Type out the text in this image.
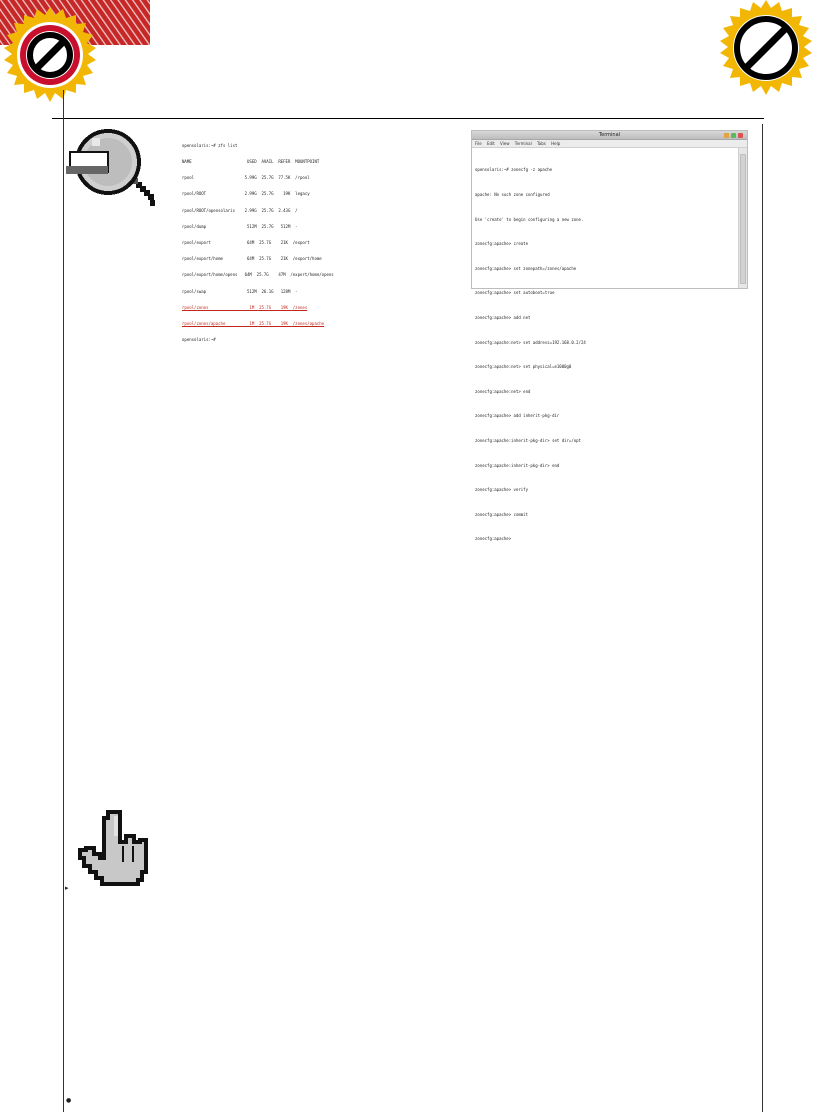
opensolaris:~# zfs list

NAME                       USED  AVAIL  REFER  MOUNTPOINT

rpool                     5.99G  25.7G  77.5K  /rpool

rpool/ROOT                2.99G  25.7G    19K  legacy

rpool/ROOT/opensolaris    2.99G  25.7G  2.43G  /

rpool/dump                 512M  25.7G   512M  -

rpool/export               64M  25.7G    21K  /export

rpool/export/home          64M  25.7G    21K  /export/home

rpool/export/home/opens   64M  25.7G    47M  /export/home/opens

rpool/swap                 512M  26.1G   128M  -

rpool/zones                 1M  25.7G    19K  /zones

rpool/zones/apache          1M  25.7G    19K  /zones/apache

opensolaris:~#

Terminal
File Edit View Terminal Tabs Help

opensolaris:~# zonecfg -z apache

apache: No such zone configured

Use 'create' to begin configuring a new zone.

zonecfg:apache> create

zonecfg:apache> set zonepath=/zones/apache

zonecfg:apache> set autoboot=true

zonecfg:apache> add net

zonecfg:apache:net> set address=192.168.0.2/24

zonecfg:apache:net> set physical=e1000g0

zonecfg:apache:net> end

zonecfg:apache> add inherit-pkg-dir

zonecfg:apache:inherit-pkg-dir> set dir=/opt

zonecfg:apache:inherit-pkg-dir> end

zonecfg:apache> verify

zonecfg:apache> commit

zonecfg:apache>

▸
●
